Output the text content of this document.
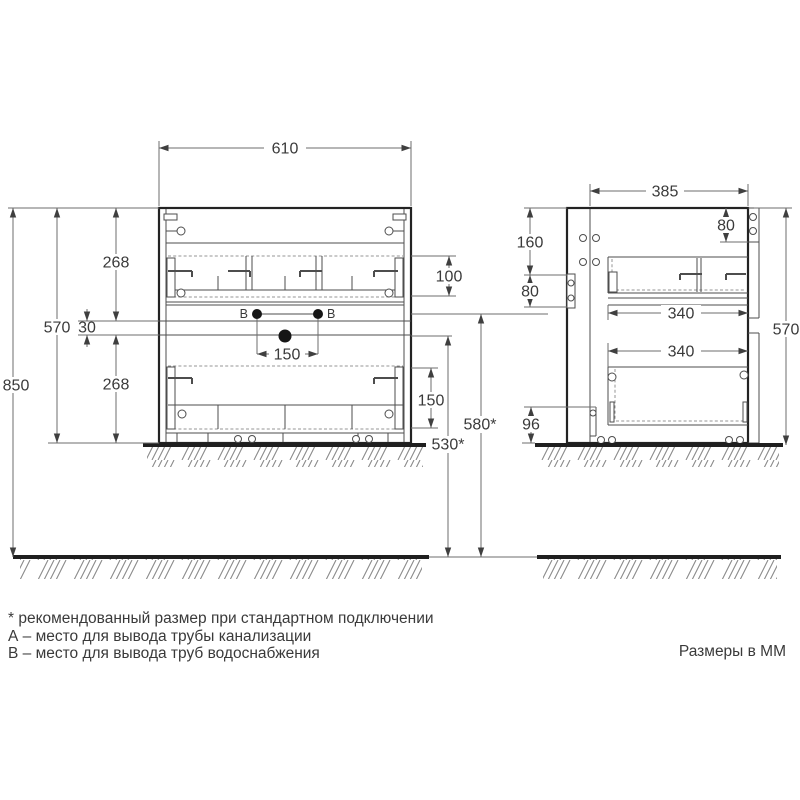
B	B
610
850
570
268
30
268
150
100
150
580*
530*
385
570
160
80
80
340
340
96
* рекомендованный размер при стандартном подключении
А – место для вывода трубы канализации
В – место для вывода труб водоснабжения	Размеры в ММ
